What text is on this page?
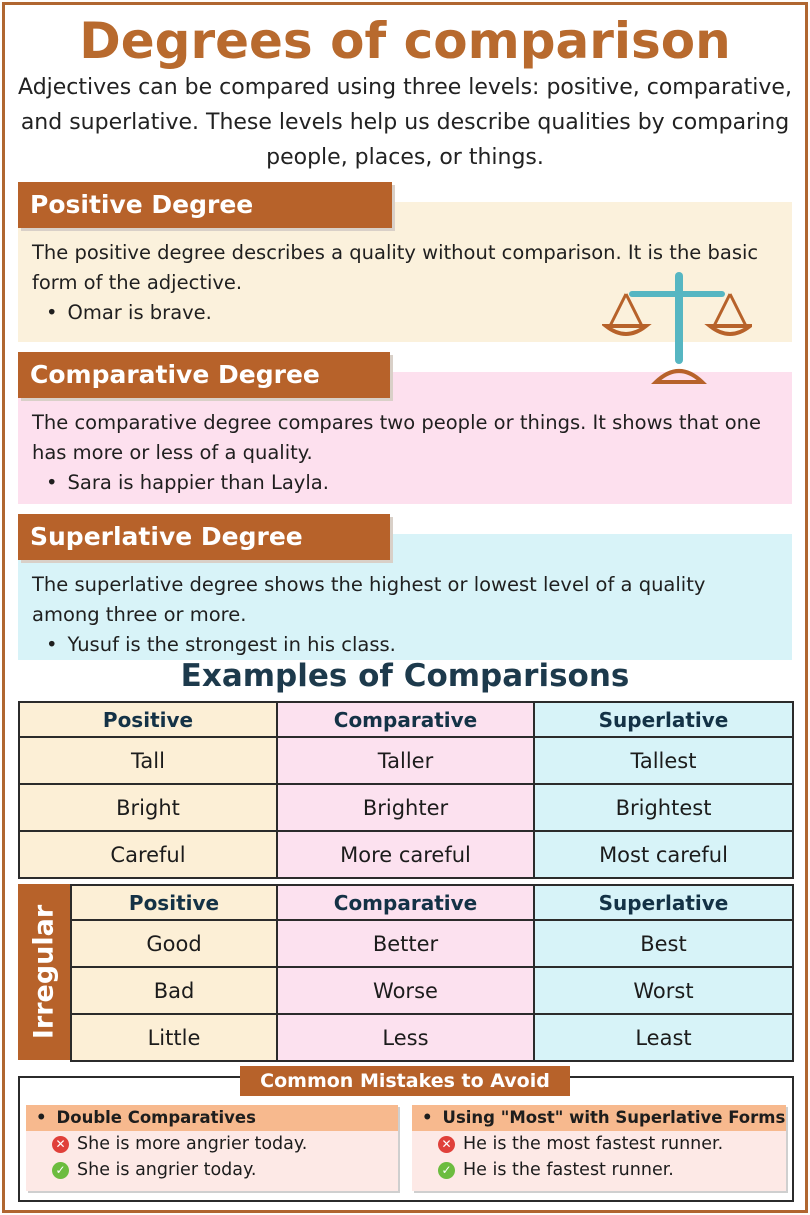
Degrees of comparison
Adjectives can be compared using three levels: positive, comparative, and superlative. These levels help us describe qualities by comparing people, places, or things.
Positive Degree
The positive degree describes a quality without comparison. It is the basic form of the adjective.
• Omar is brave.
Comparative Degree
The comparative degree compares two people or things. It shows that one has more or less of a quality.
• Sara is happier than Layla.
Superlative Degree
The superlative degree shows the highest or lowest level of a quality among three or more.
• Yusuf is the strongest in his class.
Examples of Comparisons
Positive	Comparative	Superlative
Tall	Taller	Tallest
Bright	Brighter	Brightest
Careful	More careful	Most careful
Irregular
Positive	Comparative	Superlative
Good	Better	Best
Bad	Worse	Worst
Little	Less	Least
Common Mistakes to Avoid
• Double Comparatives
✕ She is more angrier today.
✓ She is angrier today.
• Using "Most" with Superlative Forms
✕ He is the most fastest runner.
✓ He is the fastest runner.
